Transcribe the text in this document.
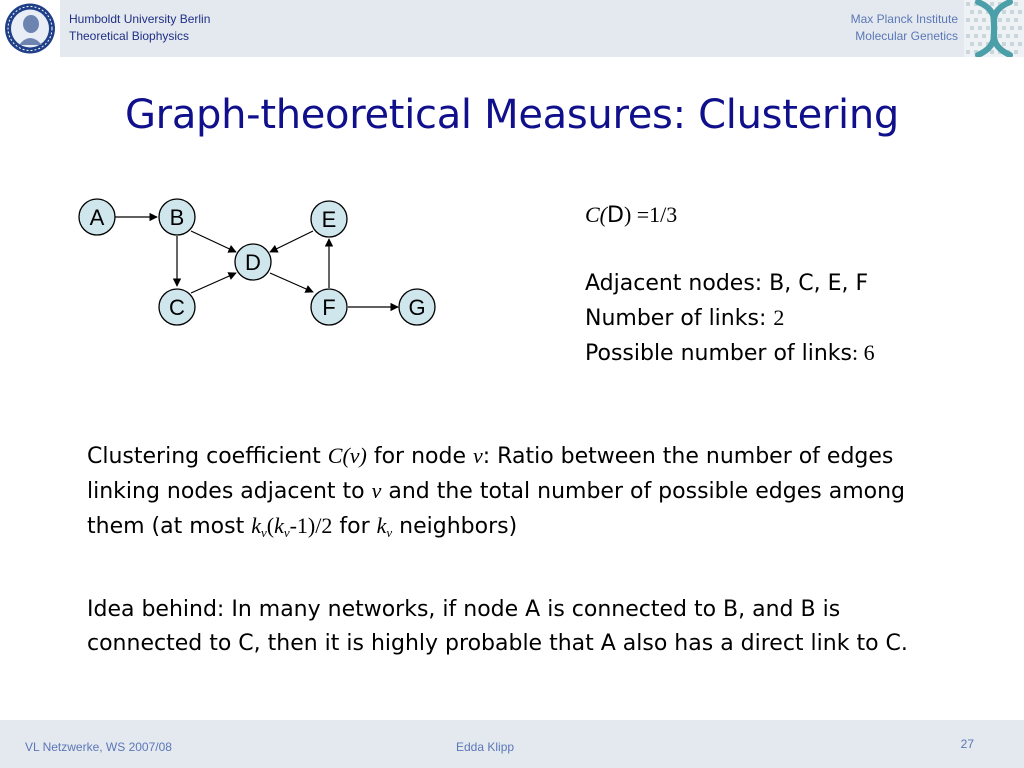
Humboldt University Berlin
Theoretical Biophysics
Max Planck Institute
Molecular Genetics
Graph-theoretical Measures: Clustering
A	B
C
D
E
F	G
C(D) =1/3
Adjacent nodes: B, C, E, F
Number of links: 2
Possible number of links: 6
Clustering coefficient C(v) for node v: Ratio between the number of edges linking nodes adjacent to v and the total number of possible edges among them (at most $k_v(k_v-1)/2$ for $k_v$ neighbors)
Idea behind: In many networks, if node A is connected to B, and B is connected to C, then it is highly probable that A also has a direct link to C.
VL Netzwerke, WS 2007/08	Edda Klipp	27
